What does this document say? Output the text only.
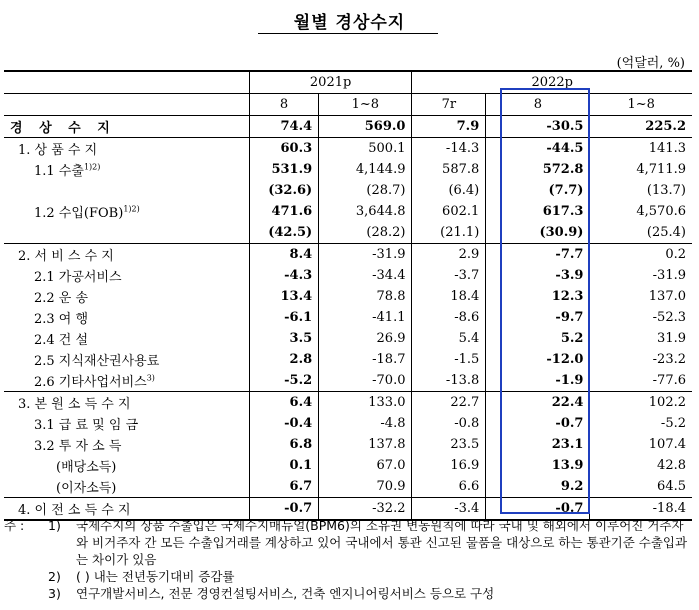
월별 경상수지
(억달러, %)
	2021p		2022p		
	8	1~8	7r	8	1~8
경 상 수 지	74.4	569.0	7.9	-30.5	225.2
1. 상 품 수 지	60.3	500.1	-14.3	-44.5	141.3
1.1 수출$^{1)2)}$	531.9	4,144.9	587.8	572.8	4,711.9
	(32.6)	(28.7)	(6.4)	(7.7)	(13.7)
1.2 수입(FOB)$^{1)2)}$	471.6	3,644.8	602.1	617.3	4,570.6
	(42.5)	(28.2)	(21.1)	(30.9)	(25.4)
2. 서 비 스 수 지	8.4	-31.9	2.9	-7.7	0.2
2.1 가공서비스	-4.3	-34.4	-3.7	-3.9	-31.9
2.2 운 송	13.4	78.8	18.4	12.3	137.0
2.3 여 행	-6.1	-41.1	-8.6	-9.7	-52.3
2.4 건 설	3.5	26.9	5.4	5.2	31.9
2.5 지식재산권사용료	2.8	-18.7	-1.5	-12.0	-23.2
2.6 기타사업서비스$^{3)}$	-5.2	-70.0	-13.8	-1.9	-77.6
3. 본 원 소 득 수 지	6.4	133.0	22.7	22.4	102.2
3.1 급 료 및 임 금	-0.4	-4.8	-0.8	-0.7	-5.2
3.2 투 자 소 득	6.8	137.8	23.5	23.1	107.4
(배당소득)	0.1	67.0	16.9	13.9	42.8
(이자소득)	6.7	70.9	6.6	9.2	64.5
4. 이 전 소 득 수 지	-0.7	-32.2	-3.4	-0.7	-18.4
주 :	1)	국제수지의 상품 수출입은 국제수지매뉴얼(BPM6)의 소유권 변동원칙에 따라 국내 및 해외에서 이루어진 거주자와 비거주자 간 모든 수출입거래를 계상하고 있어 국내에서 통관 신고된 물품을 대상으로 하는 통관기준 수출입과는 차이가 있음
2)	( ) 내는 전년동기대비 증감률
3)	연구개발서비스, 전문 경영컨설팅서비스, 건축 엔지니어링서비스 등으로 구성
